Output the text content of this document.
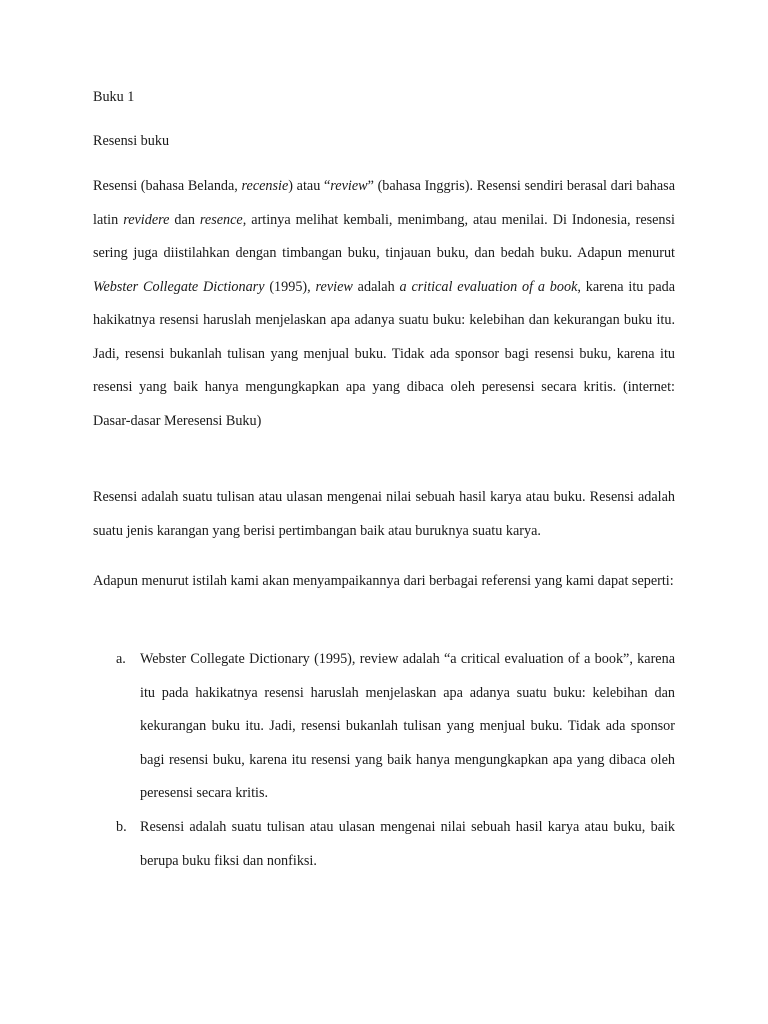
Buku 1

Resensi buku

Resensi (bahasa Belanda, recensie) atau “review” (bahasa Inggris). Resensi sendiri berasal dari bahasa latin revidere dan resence, artinya melihat kembali, menimbang, atau menilai. Di Indonesia, resensi sering juga diistilahkan dengan timbangan buku, tinjauan buku, dan bedah buku. Adapun menurut Webster Collegate Dictionary (1995), review adalah a critical evaluation of a book, karena itu pada hakikatnya resensi haruslah menjelaskan apa adanya suatu buku: kelebihan dan kekurangan buku itu. Jadi, resensi bukanlah tulisan yang menjual buku. Tidak ada sponsor bagi resensi buku, karena itu resensi yang baik hanya mengungkapkan apa yang dibaca oleh peresensi secara kritis. (internet: Dasar-dasar Meresensi Buku)

Resensi adalah suatu tulisan atau ulasan mengenai nilai sebuah hasil karya atau buku. Resensi adalah suatu jenis karangan yang berisi pertimbangan baik atau buruknya suatu karya.

Adapun menurut istilah kami akan menyampaikannya dari berbagai referensi yang kami dapat seperti:

a. Webster Collegate Dictionary (1995), review adalah “a critical evaluation of a book”, karena itu pada hakikatnya resensi haruslah menjelaskan apa adanya suatu buku: kelebihan dan kekurangan buku itu. Jadi, resensi bukanlah tulisan yang menjual buku. Tidak ada sponsor bagi resensi buku, karena itu resensi yang baik hanya mengungkapkan apa yang dibaca oleh peresensi secara kritis.
b. Resensi adalah suatu tulisan atau ulasan mengenai nilai sebuah hasil karya atau buku, baik berupa buku fiksi dan nonfiksi.
